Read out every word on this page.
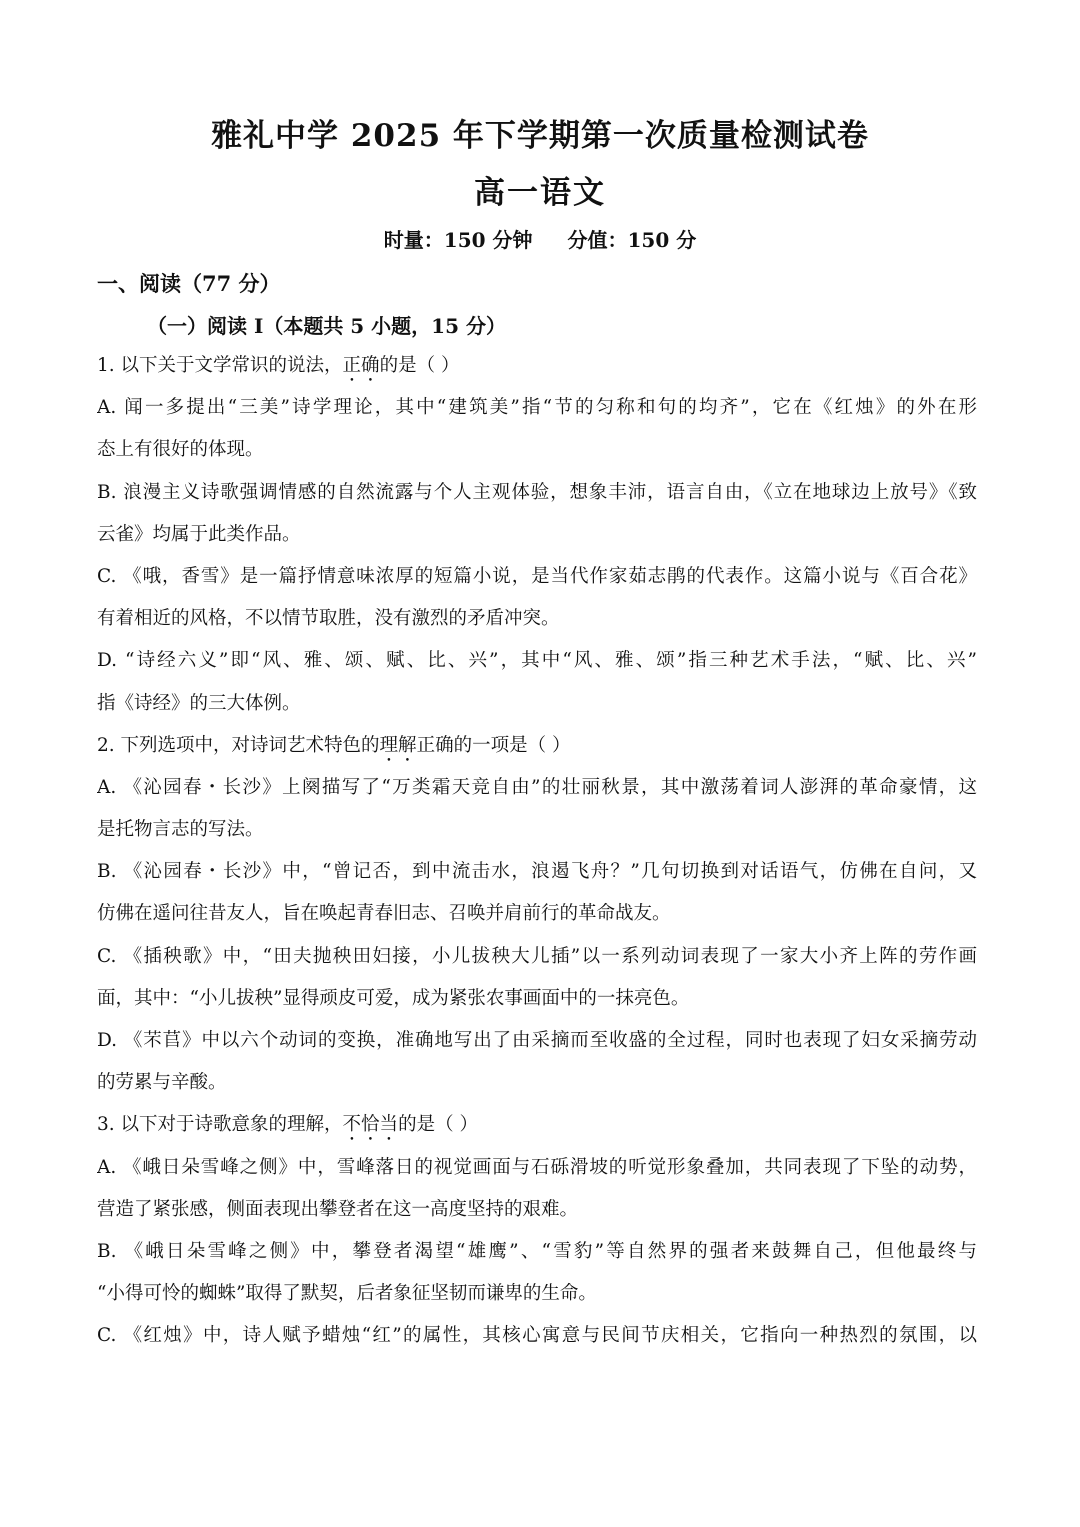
雅礼中学 2025 年下学期第一次质量检测试卷
高一语文
时量：150 分钟 分值：150 分
一、阅读（77 分）
（一）阅读 I（本题共 5 小题，15 分）
1. 以下关于文学常识的说法，正确的是（ ）
A. 闻一多提出“三美”诗学理论，其中“建筑美”指“节的匀称和句的均齐”，它在《红烛》的外在形
态上有很好的体现。
B. 浪漫主义诗歌强调情感的自然流露与个人主观体验，想象丰沛，语言自由，《立在地球边上放号》《致
云雀》均属于此类作品。
C. 《哦，香雪》是一篇抒情意味浓厚的短篇小说，是当代作家茹志鹃的代表作。这篇小说与《百合花》
有着相近的风格，不以情节取胜，没有激烈的矛盾冲突。
D. “诗经六义”即“风、雅、颂、赋、比、兴”，其中“风、雅、颂”指三种艺术手法，“赋、比、兴”
指《诗经》的三大体例。
2. 下列选项中，对诗词艺术特色的理解正确的一项是（ ）
A. 《沁园春・长沙》上阕描写了“万类霜天竞自由”的壮丽秋景，其中激荡着词人澎湃的革命豪情，这
是托物言志的写法。
B. 《沁园春・长沙》中，“曾记否，到中流击水，浪遏飞舟？”几句切换到对话语气，仿佛在自问，又
仿佛在遥问往昔友人，旨在唤起青春旧志、召唤并肩前行的革命战友。
C. 《插秧歌》中，“田夫抛秧田妇接，小儿拔秧大儿插”以一系列动词表现了一家大小齐上阵的劳作画
面，其中：“小儿拔秧”显得顽皮可爱，成为紧张农事画面中的一抹亮色。
D. 《芣苢》中以六个动词的变换，准确地写出了由采摘而至收盛的全过程，同时也表现了妇女采摘劳动
的劳累与辛酸。
3. 以下对于诗歌意象的理解，不恰当的是（ ）
A. 《峨日朵雪峰之侧》中，雪峰落日的视觉画面与石砾滑坡的听觉形象叠加，共同表现了下坠的动势，
营造了紧张感，侧面表现出攀登者在这一高度坚持的艰难。
B. 《峨日朵雪峰之侧》中，攀登者渴望“雄鹰”、“雪豹”等自然界的强者来鼓舞自己，但他最终与
“小得可怜的蜘蛛”取得了默契，后者象征坚韧而谦卑的生命。
C. 《红烛》中，诗人赋予蜡烛“红”的属性，其核心寓意与民间节庆相关，它指向一种热烈的氛围，以
